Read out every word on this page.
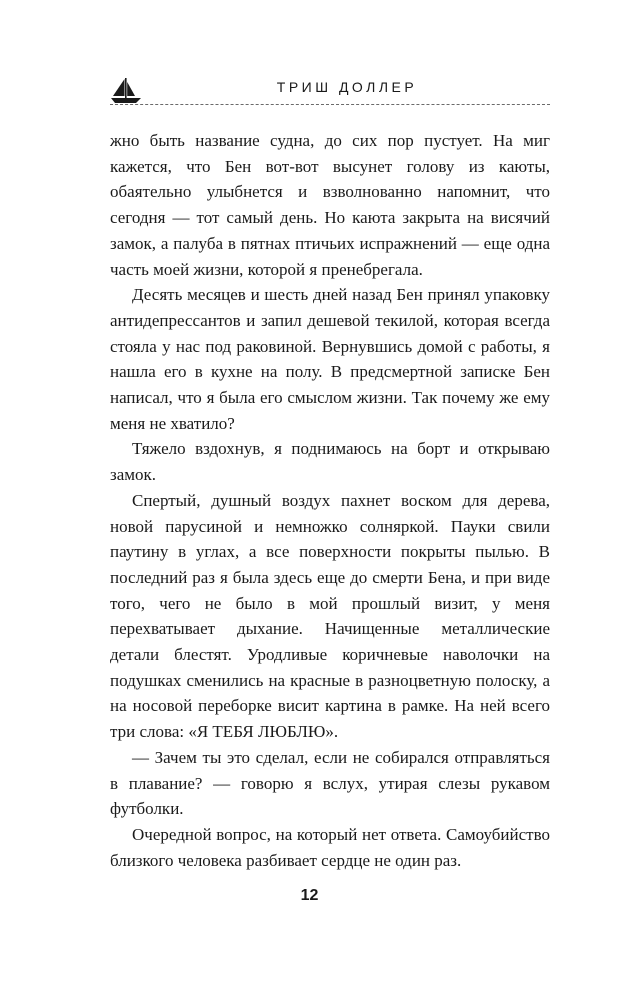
ТРИШ ДОЛЛЕР

жно быть название судна, до сих пор пустует. На миг кажется, что Бен вот-вот высунет голову из каюты, обаятельно улыбнется и взволнованно напомнит, что сегодня — тот самый день. Но каюта закрыта на висячий замок, а палуба в пятнах птичьих испражнений — еще одна часть моей жизни, которой я пренебрегала.

Десять месяцев и шесть дней назад Бен принял упаковку антидепрессантов и запил дешевой текилой, которая всегда стояла у нас под раковиной. Вернувшись домой с работы, я нашла его в кухне на полу. В предсмертной записке Бен написал, что я была его смыслом жизни. Так почему же ему меня не хватило?

Тяжело вздохнув, я поднимаюсь на борт и открываю замок.

Спертый, душный воздух пахнет воском для дерева, новой парусиной и немножко солняркой. Пауки свили паутину в углах, а все поверхности покрыты пылью. В последний раз я была здесь еще до смерти Бена, и при виде того, чего не было в мой прошлый визит, у меня перехватывает дыхание. Начищенные металлические детали блестят. Уродливые коричневые наволочки на подушках сменились на красные в разноцветную полоску, а на носовой переборке висит картина в рамке. На ней всего три слова: «Я ТЕБЯ ЛЮБЛЮ».

— Зачем ты это сделал, если не собирался отправляться в плавание? — говорю я вслух, утирая слезы рукавом футболки.

Очередной вопрос, на который нет ответа. Самоубийство близкого человека разбивает сердце не один раз.

12
